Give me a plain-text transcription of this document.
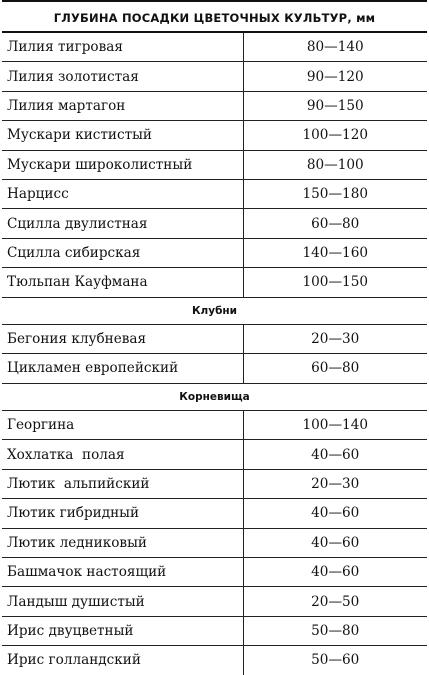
ГЛУБИНА ПОСАДКИ ЦВЕТОЧНЫХ КУЛЬТУР, мм
Лилия тигровая	80—140
Лилия золотистая	90—120
Лилия мартагон	90—150
Мускари кистистый	100—120
Мускари широколистный	80—100
Нарцисс	150—180
Сцилла двулистная	60—80
Сцилла сибирская	140—160
Тюльпан Кауфмана	100—150
Клубни	
Бегония клубневая	20—30
Цикламен европейский	60—80
Корневища	
Георгина	100—140
Хохлатка  полая	40—60
Лютик  альпийский	20—30
Лютик гибридный	40—60
Лютик ледниковый	40—60
Башмачок настоящий	40—60
Ландыш душистый	20—50
Ирис двуцветный	50—80
Ирис голландский	50—60
